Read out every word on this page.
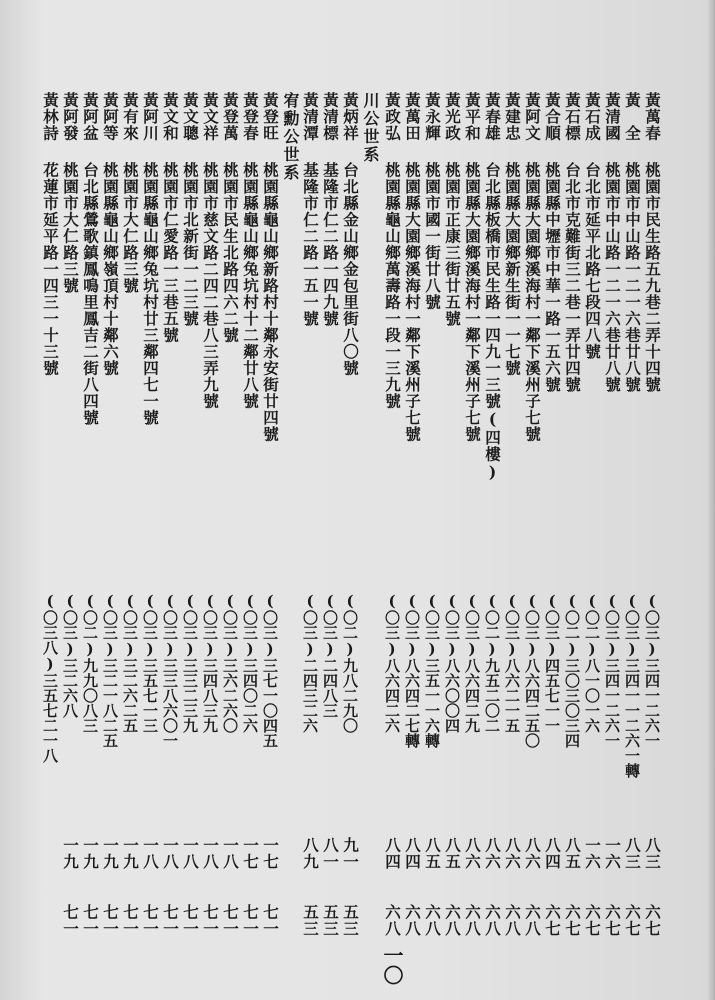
黃萬春
桃園市民生路五九巷二弄十四號
(〇三)三四一二六一
八三
六七
黃　全
桃園市中山路一二一六巷廿八號
(〇三)三四一一二六一轉
八三
六七
黃清國
桃園市中山路一二一六巷廿八號
(〇三)三四一二六一
一六
六七
黃石成
台北市延平北路七段四八號
(〇二)八一〇一六
一六
六七
黃石標
台北市克難街三二巷一弄廿四號
(〇二)三〇三〇三四
八五
六七
黃合順
桃園縣中壢市中華一路一五六號
(〇三)四五七一一
八四
六七
黃阿文
桃園縣大園鄉溪海村一鄰下溪州子七號
(〇三)八六四二五〇
八六
六八
黃建忠
桃園縣大園鄉新生街一一七號
(〇三)八六二一五
八六
六八
黃春雄
台北縣板橋市民生路一四九一三號(四樓)
(〇二)九五二〇二
八六
六八
黃平和
桃園縣大園鄉溪海村一鄰下溪州子七號
(〇三)八六四二九
八六
六八
黃光政
桃園市正康三街廿五號
(〇三)八六〇〇四
八五
六八
黃永輝
桃園市國一街廿八號
(〇三)三五一一六轉
八五
六八
黃萬田
桃園縣大園鄉溪海村一鄰下溪州子七號
(〇三)八六四二七轉
八四
六八
黃政弘
桃園縣龜山鄉萬壽路一段一三九號
(〇三)八六四二六
八四
六八
川公世系
黃炳祥
台北縣金山鄉金包里街八〇號
(〇二)九八二九〇
九一
五三
黃清標
基隆市仁二路一四九號
(〇三)二四八三
八一
五三
黃清潭
基隆市仁二路一五一號
(〇三)二四三二六
八九
五三
宥勳公世系
黃登旺
桃園縣龜山鄉新路村十鄰永安街廿四號
(〇三)三七一〇四五
一七
七一
黃登春
桃園縣龜山鄉兔坑村十二鄰廿八號
(〇三)三四〇二六
一七
七一
黃登萬
桃園市民生北路四六二號
(〇三)三六二六〇
一八
七一
黃文祥
桃園市慈文路二四二巷八三弄九號
(〇三)三四八三九
一八
七一
黃文聰
桃園市北新街一二三號
(〇三)三三二三九
一八
七一
黃文和
桃園市仁愛路一三巷五號
(〇三)三三八六〇一
一八
七一
黃阿川
桃園縣龜山鄉兔坑村廿三鄰四七一號
(〇三)三五七一三
一八
七一
黃有來
桃園市大仁路三號
(〇三)三二六二五
一九
七一
黃阿等
桃園縣龜山鄉嶺頂村十鄰六號
(〇三)三二一八二五
一九
七一
黃阿盆
台北縣鶯歌鎮鳳鳴里鳳吉二街八四號
(〇二)九九〇八三
一九
七一
黃阿發
桃園市大仁路三號
(〇三)三二六八
一九
七一
黃林詩
花蓮市延平路一四三一十三號
(〇三八)三五七二一八
一〇
